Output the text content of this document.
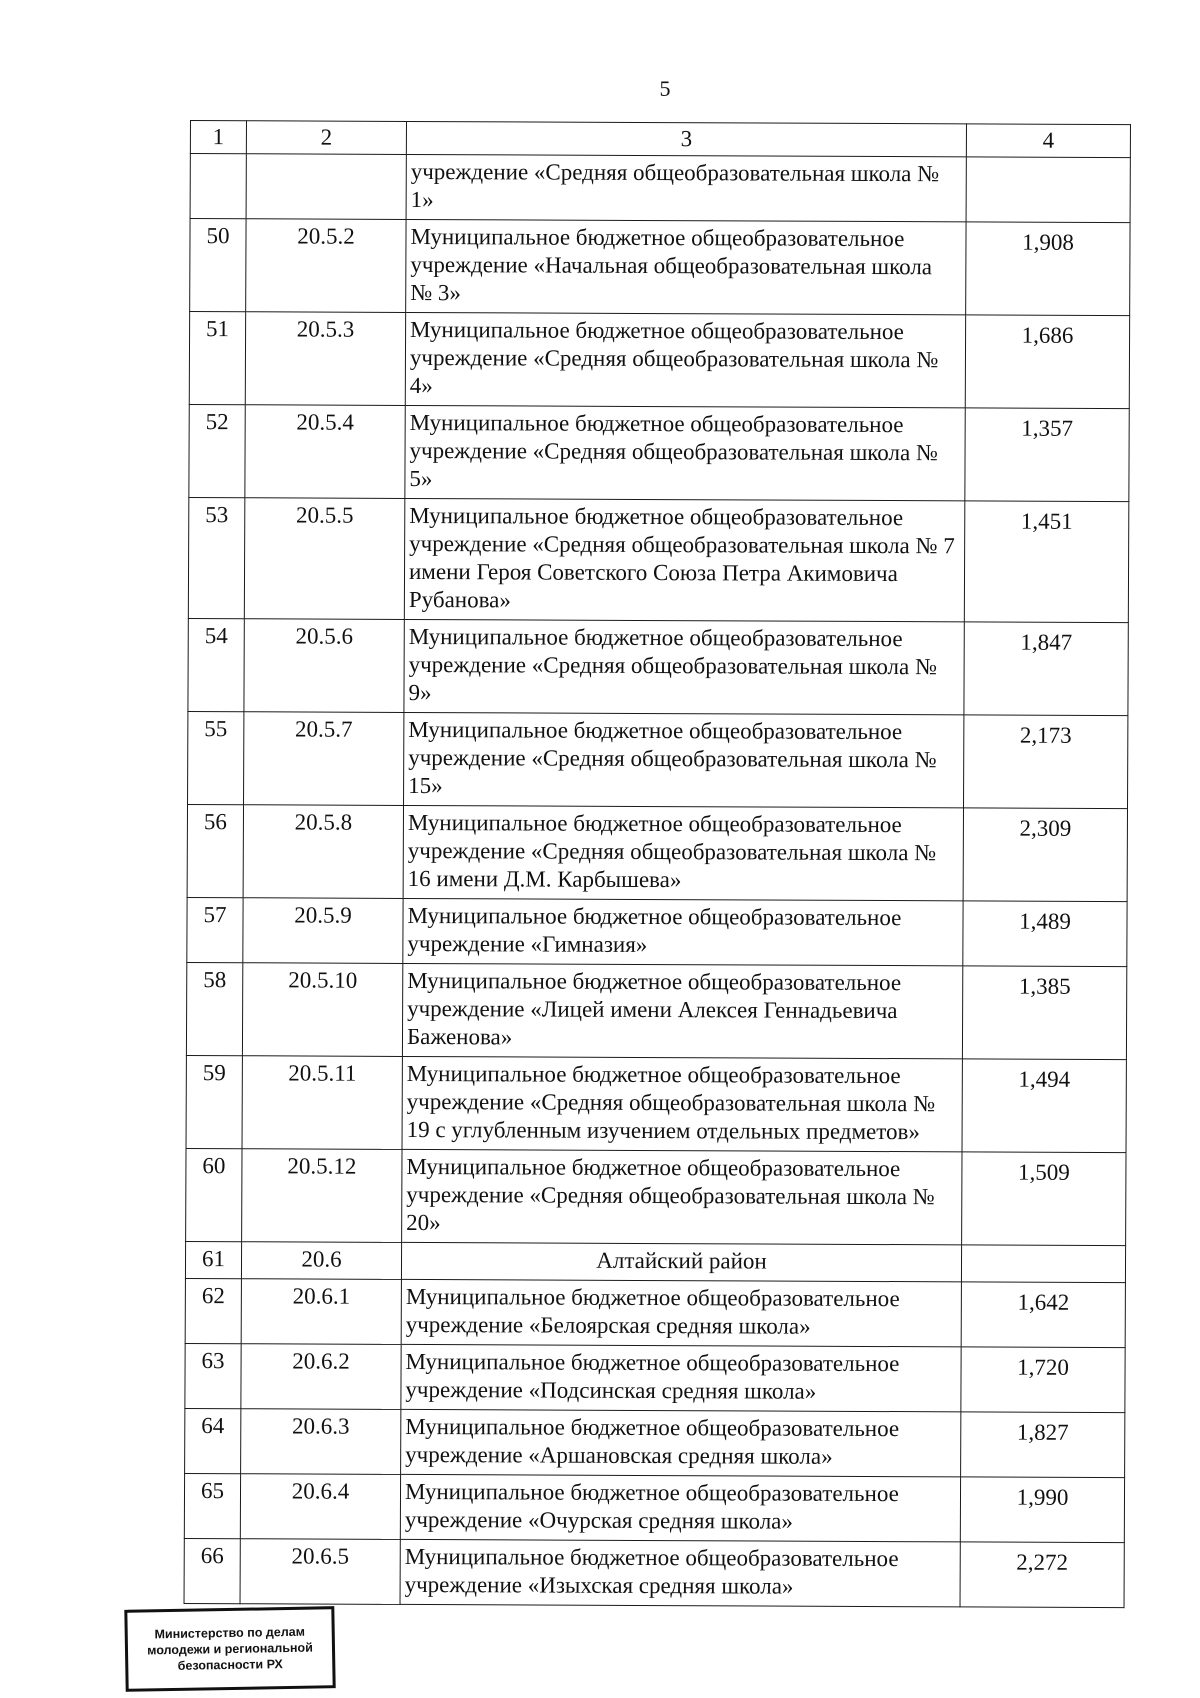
5
1	2	3	4
		учреждение «Средняя общеобразовательная школа № 1»	
50	20.5.2	Муниципальное бюджетное общеобразовательное учреждение «Начальная общеобразовательная школа № 3»	1,908
51	20.5.3	Муниципальное бюджетное общеобразовательное учреждение «Средняя общеобразовательная школа № 4»	1,686
52	20.5.4	Муниципальное бюджетное общеобразовательное учреждение «Средняя общеобразовательная школа № 5»	1,357
53	20.5.5	Муниципальное бюджетное общеобразовательное учреждение «Средняя общеобразовательная школа № 7 имени Героя Советского Союза Петра Акимовича Рубанова»	1,451
54	20.5.6	Муниципальное бюджетное общеобразовательное учреждение «Средняя общеобразовательная школа № 9»	1,847
55	20.5.7	Муниципальное бюджетное общеобразовательное учреждение «Средняя общеобразовательная школа № 15»	2,173
56	20.5.8	Муниципальное бюджетное общеобразовательное учреждение «Средняя общеобразовательная школа № 16 имени Д.М. Карбышева»	2,309
57	20.5.9	Муниципальное бюджетное общеобразовательное учреждение «Гимназия»	1,489
58	20.5.10	Муниципальное бюджетное общеобразовательное учреждение «Лицей имени Алексея Геннадьевича Баженова»	1,385
59	20.5.11	Муниципальное бюджетное общеобразовательное учреждение «Средняя общеобразовательная школа № 19 с углубленным изучением отдельных предметов»	1,494
60	20.5.12	Муниципальное бюджетное общеобразовательное учреждение «Средняя общеобразовательная школа № 20»	1,509
61	20.6	Алтайский район	
62	20.6.1	Муниципальное бюджетное общеобразовательное учреждение «Белоярская средняя школа»	1,642
63	20.6.2	Муниципальное бюджетное общеобразовательное учреждение «Подсинская средняя школа»	1,720
64	20.6.3	Муниципальное бюджетное общеобразовательное учреждение «Аршановская средняя школа»	1,827
65	20.6.4	Муниципальное бюджетное общеобразовательное учреждение «Очурская средняя школа»	1,990
66	20.6.5	Муниципальное бюджетное общеобразовательное учреждение «Изыхская средняя школа»	2,272
Министерство по делам
молодежи и региональной
безопасности РХ
